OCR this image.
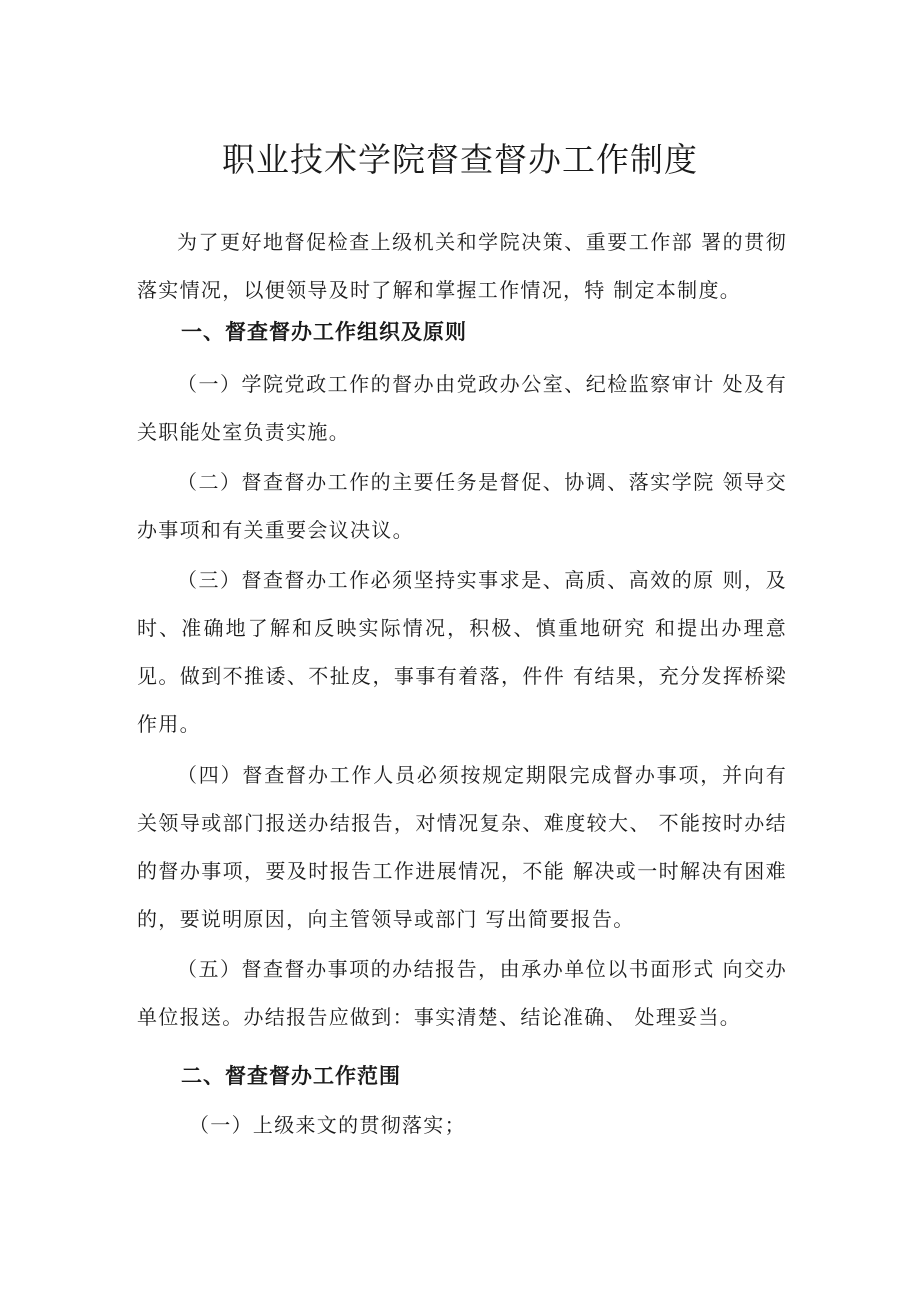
职业技术学院督查督办工作制度
为了更好地督促检查上级机关和学院决策、重要工作部 署的贯彻落实情况，以便领导及时了解和掌握工作情况，特 制定本制度。
一、督查督办工作组织及原则
（一）学院党政工作的督办由党政办公室、纪检监察审计 处及有关职能处室负责实施。
（二）督查督办工作的主要任务是督促、协调、落实学院 领导交办事项和有关重要会议决议。
（三）督查督办工作必须坚持实事求是、高质、高效的原 则，及时、准确地了解和反映实际情况，积极、慎重地研究 和提出办理意见。做到不推诿、不扯皮，事事有着落，件件 有结果，充分发挥桥梁作用。
（四）督查督办工作人员必须按规定期限完成督办事项，并向有关领导或部门报送办结报告，对情况复杂、难度较大、 不能按时办结的督办事项，要及时报告工作进展情况，不能 解决或一时解决有困难的，要说明原因，向主管领导或部门 写出简要报告。
（五）督查督办事项的办结报告，由承办单位以书面形式 向交办单位报送。办结报告应做到：事实清楚、结论准确、 处理妥当。
二、督查督办工作范围
（一）上级来文的贯彻落实；
